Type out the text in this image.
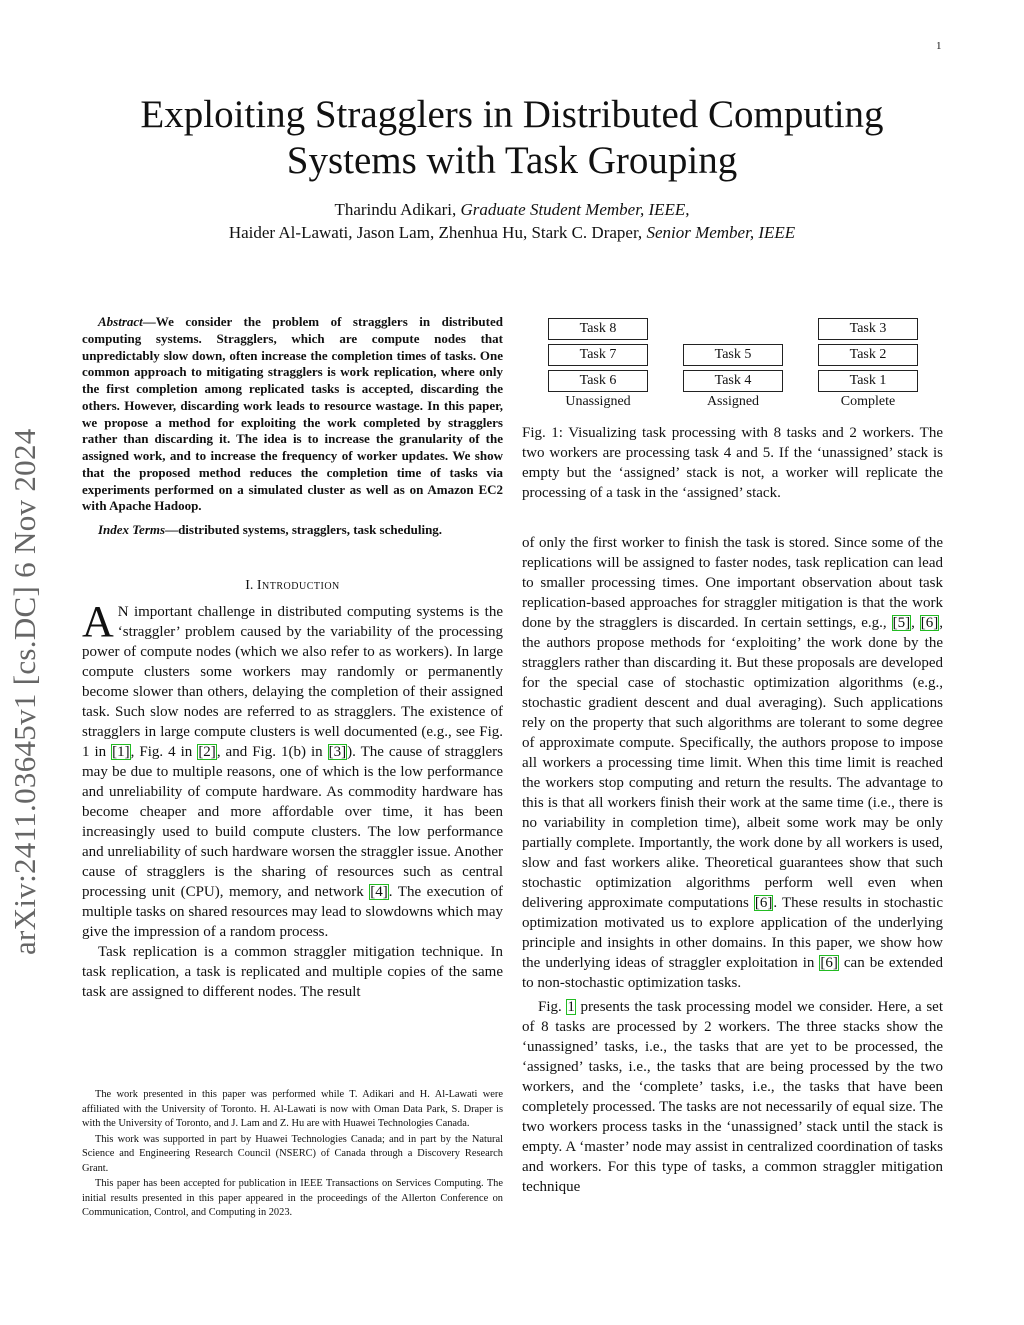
1
arXiv:2411.03645v1 [cs.DC] 6 Nov 2024
Exploiting Stragglers in Distributed Computing
Systems with Task Grouping
Tharindu Adikari, Graduate Student Member, IEEE,
Haider Al-Lawati, Jason Lam, Zhenhua Hu, Stark C. Draper, Senior Member, IEEE

Abstract—We consider the problem of stragglers in distributed computing systems. Stragglers, which are compute nodes that unpredictably slow down, often increase the completion times of tasks. One common approach to mitigating stragglers is work replication, where only the first completion among replicated tasks is accepted, discarding the others. However, discarding work leads to resource wastage. In this paper, we propose a method for exploiting the work completed by stragglers rather than discarding it. The idea is to increase the granularity of the assigned work, and to increase the frequency of worker updates. We show that the proposed method reduces the completion time of tasks via experiments performed on a simulated cluster as well as on Amazon EC2 with Apache Hadoop.

Index Terms—distributed systems, stragglers, task scheduling.

I. Introduction

A N important challenge in distributed computing systems is the ‘straggler’ problem caused by the variability of the processing power of compute nodes (which we also refer to as workers). In large compute clusters some workers may randomly or permanently become slower than others, delaying the completion of their assigned task. Such slow nodes are referred to as stragglers. The existence of stragglers in large compute clusters is well documented (e.g., see Fig. 1 in [1], Fig. 4 in [2], and Fig. 1(b) in [3]). The cause of stragglers may be due to multiple reasons, one of which is the low performance and unreliability of compute hardware. As commodity hardware has become cheaper and more affordable over time, it has been increasingly used to build compute clusters. The low performance and unreliability of such hardware worsen the straggler issue. Another cause of stragglers is the sharing of resources such as central processing unit (CPU), memory, and network [4]. The execution of multiple tasks on shared resources may lead to slowdowns which may give the impression of a random process.

Task replication is a common straggler mitigation technique. In task replication, a task is replicated and multiple copies of the same task are assigned to different nodes. The result

The work presented in this paper was performed while T. Adikari and H. Al-Lawati were affiliated with the University of Toronto. H. Al-Lawati is now with Oman Data Park, S. Draper is with the University of Toronto, and J. Lam and Z. Hu are with Huawei Technologies Canada.

This work was supported in part by Huawei Technologies Canada; and in part by the Natural Science and Engineering Research Council (NSERC) of Canada through a Discovery Research Grant.

This paper has been accepted for publication in IEEE Transactions on Services Computing. The initial results presented in this paper appeared in the proceedings of the Allerton Conference on Communication, Control, and Computing in 2023.

Task 8
Task 7
Task 6
Unassigned
Task 5
Task 4
Assigned
Task 3
Task 2
Task 1
Complete

Fig. 1: Visualizing task processing with 8 tasks and 2 workers. The two workers are processing task 4 and 5. If the ‘unassigned’ stack is empty but the ‘assigned’ stack is not, a worker will replicate the processing of a task in the ‘assigned’ stack.

of only the first worker to finish the task is stored. Since some of the replications will be assigned to faster nodes, task replication can lead to smaller processing times. One important observation about task replication-based approaches for straggler mitigation is that the work done by the stragglers is discarded. In certain settings, e.g., [5], [6], the authors propose methods for ‘exploiting’ the work done by the stragglers rather than discarding it. But these proposals are developed for the special case of stochastic optimization algorithms (e.g., stochastic gradient descent and dual averaging). Such applications rely on the property that such algorithms are tolerant to some degree of approximate compute. Specifically, the authors propose to impose all workers a processing time limit. When this time limit is reached the workers stop computing and return the results. The advantage to this is that all workers finish their work at the same time (i.e., there is no variability in completion time), albeit some work may be only partially complete. Importantly, the work done by all workers is used, slow and fast workers alike. Theoretical guarantees show that such stochastic optimization algorithms perform well even when delivering approximate computations [6]. These results in stochastic optimization motivated us to explore application of the underlying principle and insights in other domains. In this paper, we show how the underlying ideas of straggler exploitation in [6] can be extended to non-stochastic optimization tasks.

Fig. 1 presents the task processing model we consider. Here, a set of 8 tasks are processed by 2 workers. The three stacks show the ‘unassigned’ tasks, i.e., the tasks that are yet to be processed, the ‘assigned’ tasks, i.e., the tasks that are being processed by the two workers, and the ‘complete’ tasks, i.e., the tasks that have been completely processed. The tasks are not necessarily of equal size. The two workers process tasks in the ‘unassigned’ stack until the stack is empty. A ‘master’ node may assist in centralized coordination of tasks and workers. For this type of tasks, a common straggler mitigation technique
